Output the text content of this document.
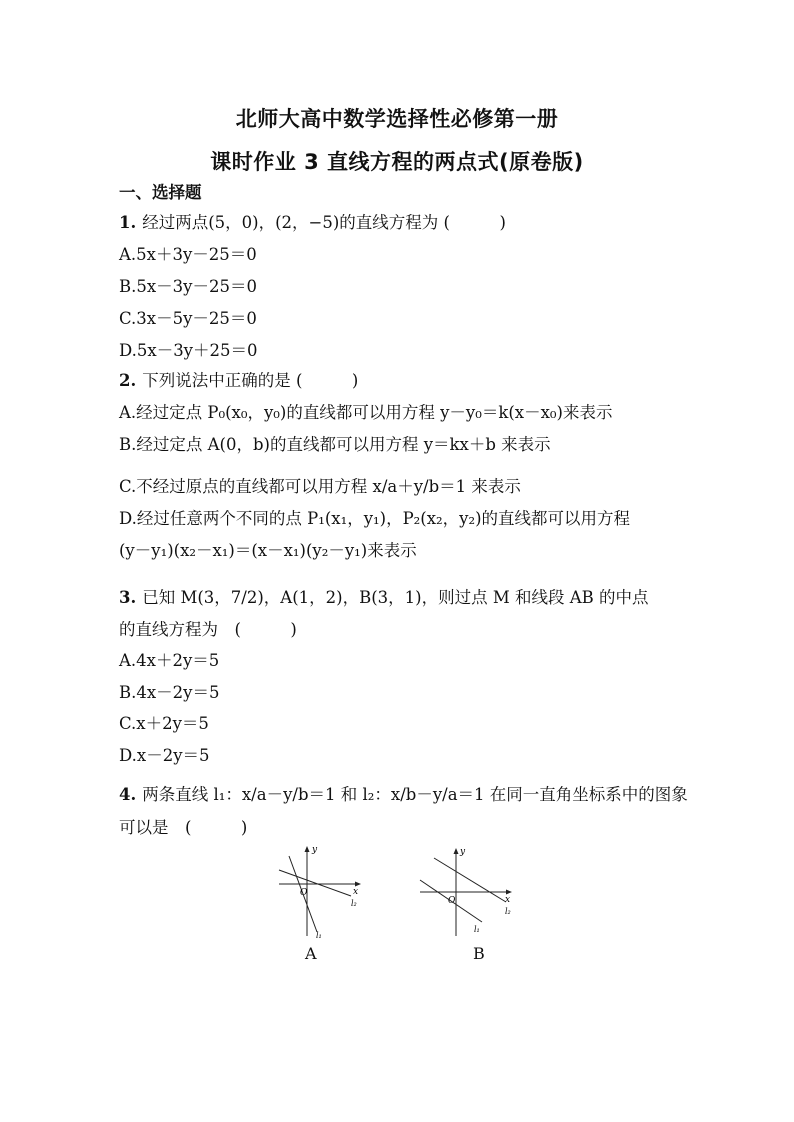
北师大高中数学选择性必修第一册
课时作业 3 直线方程的两点式(原卷版)
一、选择题
1. 经过两点(5，0)，(2，−5)的直线方程为 (　　　)
A.5x＋3y－25＝0
B.5x－3y－25＝0
C.3x－5y－25＝0
D.5x－3y＋25＝0
2. 下列说法中正确的是 (　　　)
A.经过定点 P₀(x₀，y₀)的直线都可以用方程 y－y₀＝k(x－x₀)来表示
B.经过定点 A(0，b)的直线都可以用方程 y＝kx＋b 来表示
C.不经过原点的直线都可以用方程 x/a＋y/b＝1 来表示
D.经过任意两个不同的点 P₁(x₁，y₁)，P₂(x₂，y₂)的直线都可以用方程
(y－y₁)(x₂－x₁)＝(x－x₁)(y₂－y₁)来表示
3. 已知 M(3，7/2)，A(1，2)，B(3，1)，则过点 M 和线段 AB 的中点
的直线方程为　(　　　)
A.4x＋2y＝5
B.4x－2y＝5
C.x＋2y＝5
D.x－2y＝5
4. 两条直线 l₁：x/a－y/b＝1 和 l₂：x/b－y/a＝1 在同一直角坐标系中的图象
可以是　(　　　)
y
x
O
l₂
l₁
A
y
x
O
l₂
l₁
B
